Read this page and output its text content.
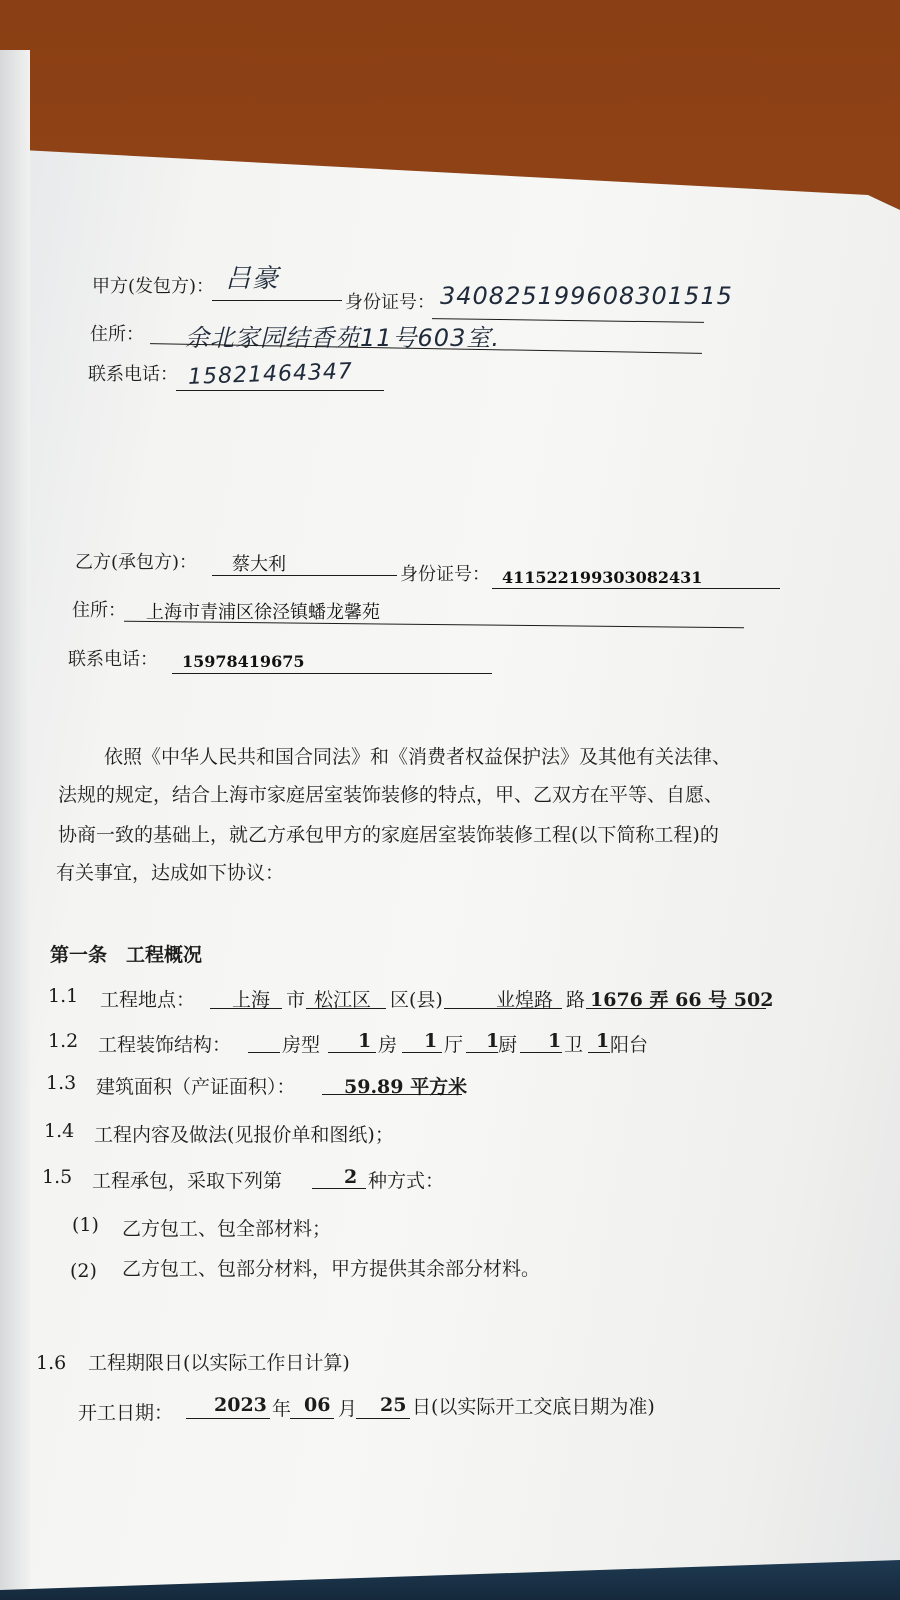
甲方(发包方)： 吕豪
身份证号： 340825199608301515
住所： 余北家园结香苑11号603室.
联系电话： 15821464347
乙方(承包方)： 蔡大利	身份证号： 411522199303082431
住所： 上海市青浦区徐泾镇蟠龙馨苑
联系电话： 15978419675
依照《中华人民共和国合同法》和《消费者权益保护法》及其他有关法律、
法规的规定，结合上海市家庭居室装饰装修的特点，甲、乙双方在平等、自愿、
协商一致的基础上，就乙方承包甲方的家庭居室装饰装修工程(以下简称工程)的
有关事宜，达成如下协议：
第一条　工程概况
1.1 工程地点： 上海 市 松江区 区(县)	业煌路 路 1676 弄 66 号 502
1.2 工程装饰结构：	房型 1 房 1 厅 1
厨 1 卫 1 阳台
1.3 建筑面积（产证面积）：	59.89 平方米
1.4 工程内容及做法(见报价单和图纸)；
1.5 工程承包，采取下列第	2 种方式：
(1) 乙方包工、包全部材料；
(2) 乙方包工、包部分材料，甲方提供其余部分材料。
1.6 工程期限日(以实际工作日计算)
开工日期： 2023 年 06 月 25 日(以实际开工交底日期为准)
